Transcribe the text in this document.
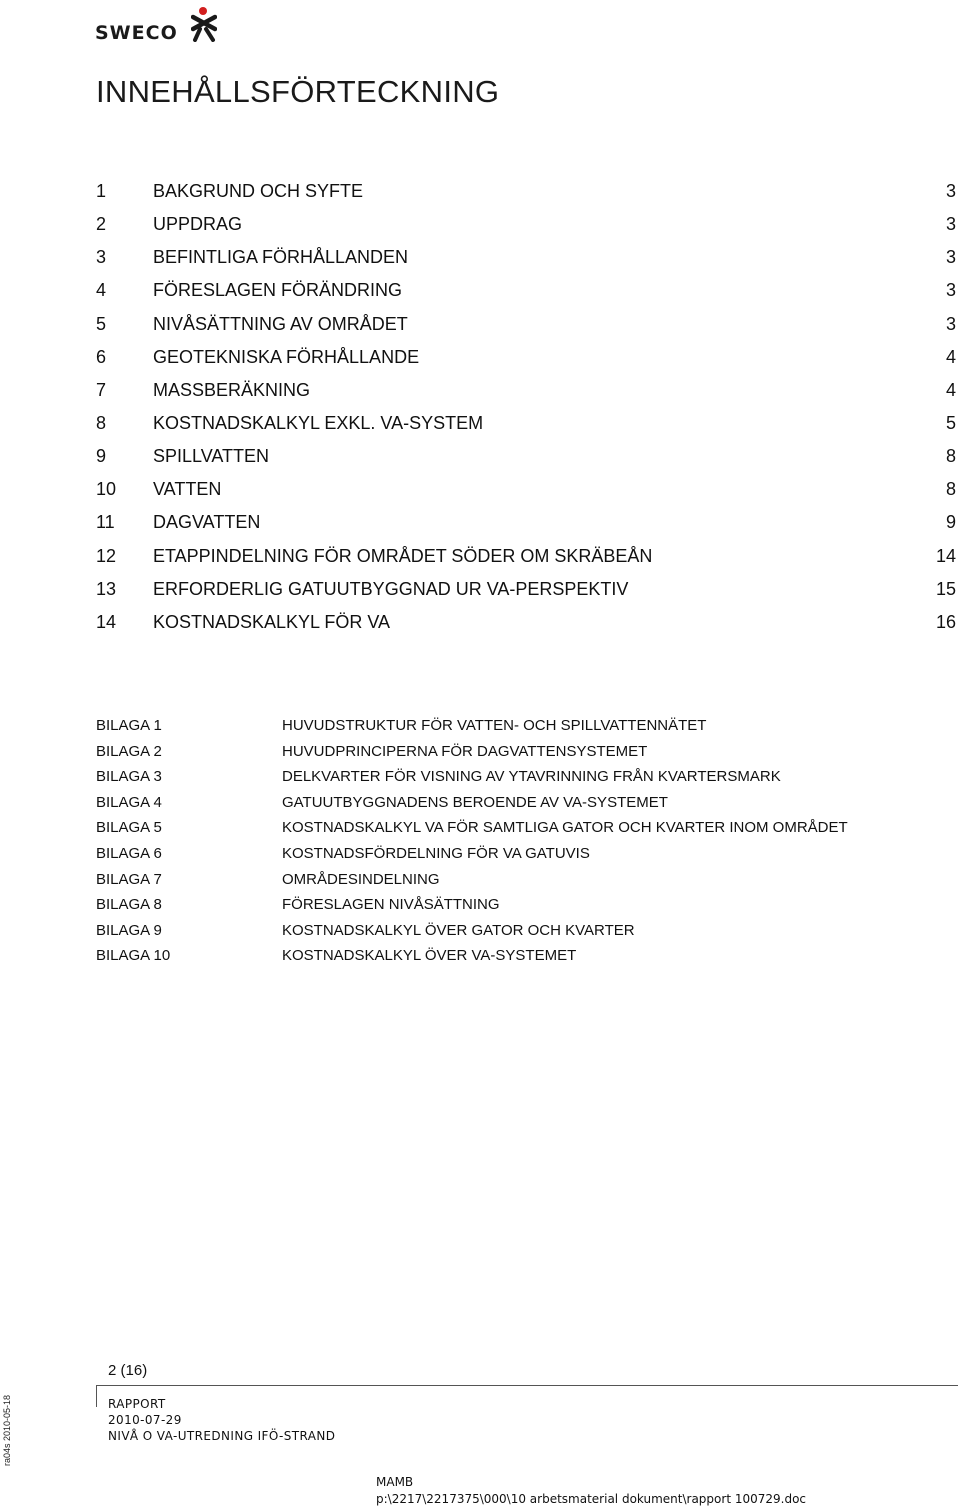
SWECO
INNEHÅLLSFÖRTECKNING
1	BAKGRUND OCH SYFTE	3
2	UPPDRAG	3
3	BEFINTLIGA FÖRHÅLLANDEN	3
4	FÖRESLAGEN FÖRÄNDRING	3
5	NIVÅSÄTTNING AV OMRÅDET	3
6	GEOTEKNISKA FÖRHÅLLANDE	4
7	MASSBERÄKNING	4
8	KOSTNADSKALKYL EXKL. VA-SYSTEM	5
9	SPILLVATTEN	8
10 VATTEN	8
11 DAGVATTEN	9
12 ETAPPINDELNING FÖR OMRÅDET SÖDER OM SKRÄBEÅN	14
13 ERFORDERLIG GATUUTBYGGNAD UR VA-PERSPEKTIV	15
14 KOSTNADSKALKYL FÖR VA	16
BILAGA 1	HUVUDSTRUKTUR FÖR VATTEN- OCH SPILLVATTENNÄTET
BILAGA 2	HUVUDPRINCIPERNA FÖR DAGVATTENSYSTEMET
BILAGA 3	DELKVARTER FÖR VISNING AV YTAVRINNING FRÅN KVARTERSMARK
BILAGA 4	GATUUTBYGGNADENS BEROENDE AV VA-SYSTEMET
BILAGA 5	KOSTNADSKALKYL VA FÖR SAMTLIGA GATOR OCH KVARTER INOM OMRÅDET
BILAGA 6	KOSTNADSFÖRDELNING FÖR VA GATUVIS
BILAGA 7	OMRÅDESINDELNING
BILAGA 8	FÖRESLAGEN NIVÅSÄTTNING
BILAGA 9	KOSTNADSKALKYL ÖVER GATOR OCH KVARTER
BILAGA 10	KOSTNADSKALKYL ÖVER VA-SYSTEMET
2 (16)
ra04s 2010-05-18	RAPPORT
2010-07-29
NIVÅ O VA-UTREDNING IFÖ-STRAND
MAMB
p:\2217\2217375\000\10 arbetsmaterial dokument\rapport 100729.doc
